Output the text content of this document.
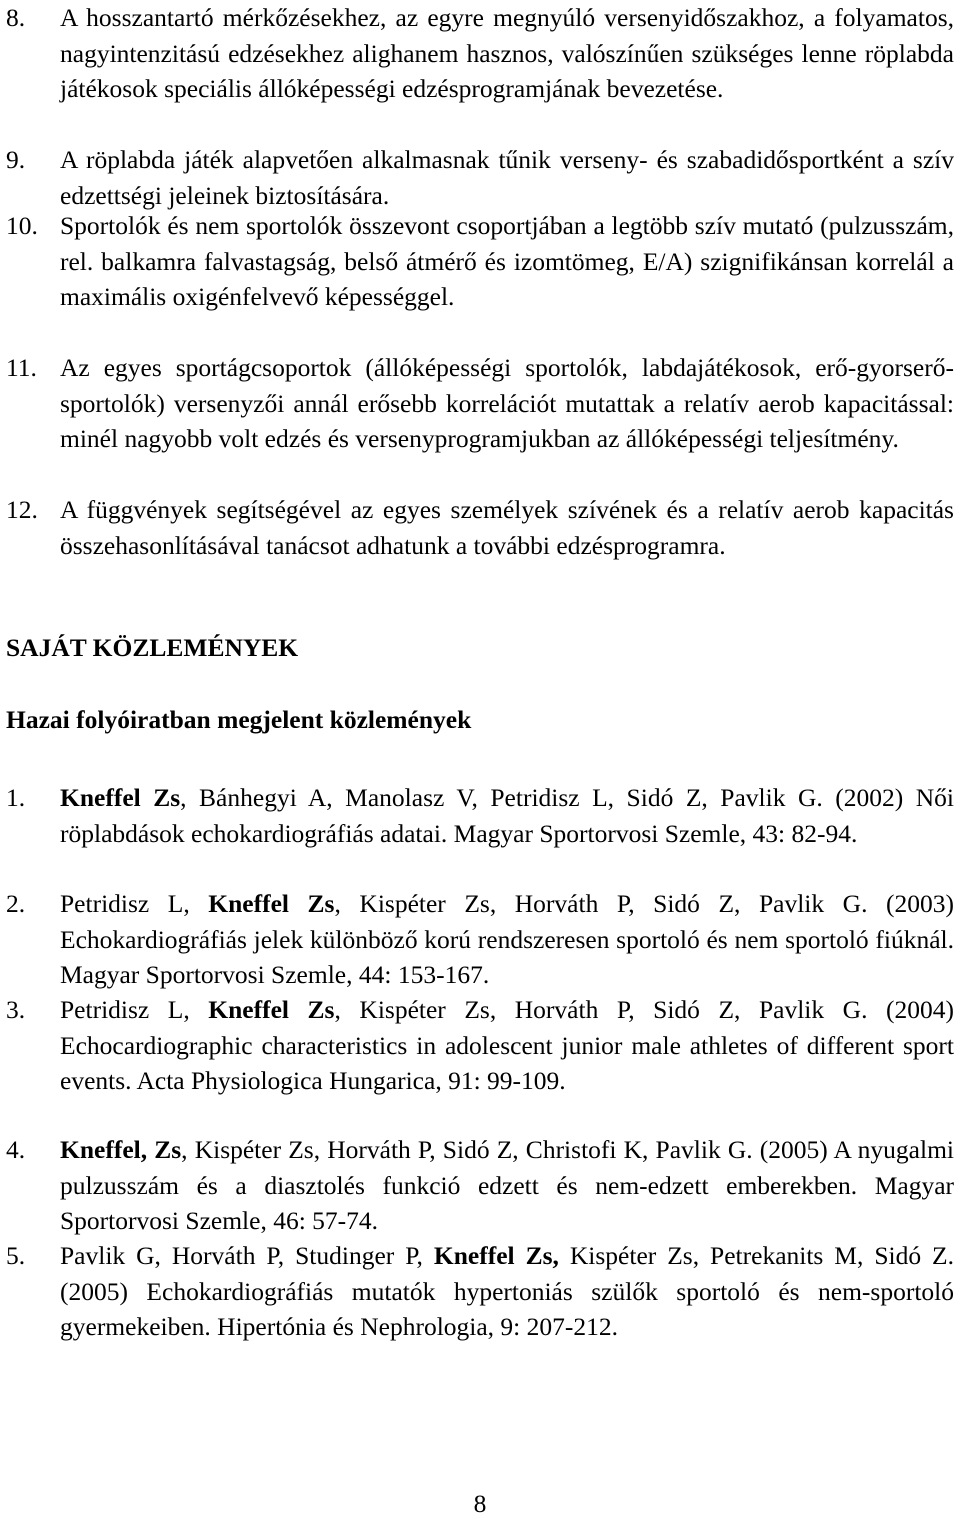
8. A hosszantartó mérkőzésekhez, az egyre megnyúló versenyidőszakhoz, a folyamatos, nagyintenzitású edzésekhez alighanem hasznos, valószínűen szükséges lenne röplabda játékosok speciális állóképességi edzésprogramjának bevezetése.
9. A röplabda játék alapvetően alkalmasnak tűnik verseny- és szabadidősportként a szív edzettségi jeleinek biztosítására.
10. Sportolók és nem sportolók összevont csoportjában a legtöbb szív mutató (pulzusszám, rel. balkamra falvastagság, belső átmérő és izomtömeg, E/A) szignifikánsan korrelál a maximális oxigénfelvevő képességgel.
11. Az egyes sportágcsoportok (állóképességi sportolók, labdajátékosok, erő-gyorserő-sportolók) versenyzői annál erősebb korrelációt mutattak a relatív aerob kapacitással: minél nagyobb volt edzés és versenyprogramjukban az állóképességi teljesítmény.
12. A függvények segítségével az egyes személyek szívének és a relatív aerob kapacitás összehasonlításával tanácsot adhatunk a további edzésprogramra.
SAJÁT KÖZLEMÉNYEK
Hazai folyóiratban megjelent közlemények
1. Kneffel Zs, Bánhegyi A, Manolasz V, Petridisz L, Sidó Z, Pavlik G. (2002) Női röplabdások echokardiográfiás adatai. Magyar Sportorvosi Szemle, 43: 82-94.
2. Petridisz L, Kneffel Zs, Kispéter Zs, Horváth P, Sidó Z, Pavlik G. (2003) Echokardiográfiás jelek különböző korú rendszeresen sportoló és nem sportoló fiúknál. Magyar Sportorvosi Szemle, 44: 153-167.
3. Petridisz L, Kneffel Zs, Kispéter Zs, Horváth P, Sidó Z, Pavlik G. (2004) Echocardiographic characteristics in adolescent junior male athletes of different sport events. Acta Physiologica Hungarica, 91: 99-109.
4. Kneffel, Zs, Kispéter Zs, Horváth P, Sidó Z, Christofi K, Pavlik G. (2005) A nyugalmi pulzusszám és a diasztolés funkció edzett és nem-edzett emberekben. Magyar Sportorvosi Szemle, 46: 57-74.
5. Pavlik G, Horváth P, Studinger P, Kneffel Zs, Kispéter Zs, Petrekanits M, Sidó Z. (2005) Echokardiográfiás mutatók hypertoniás szülők sportoló és nem-sportoló gyermekeiben. Hipertónia és Nephrologia, 9: 207-212.
8
